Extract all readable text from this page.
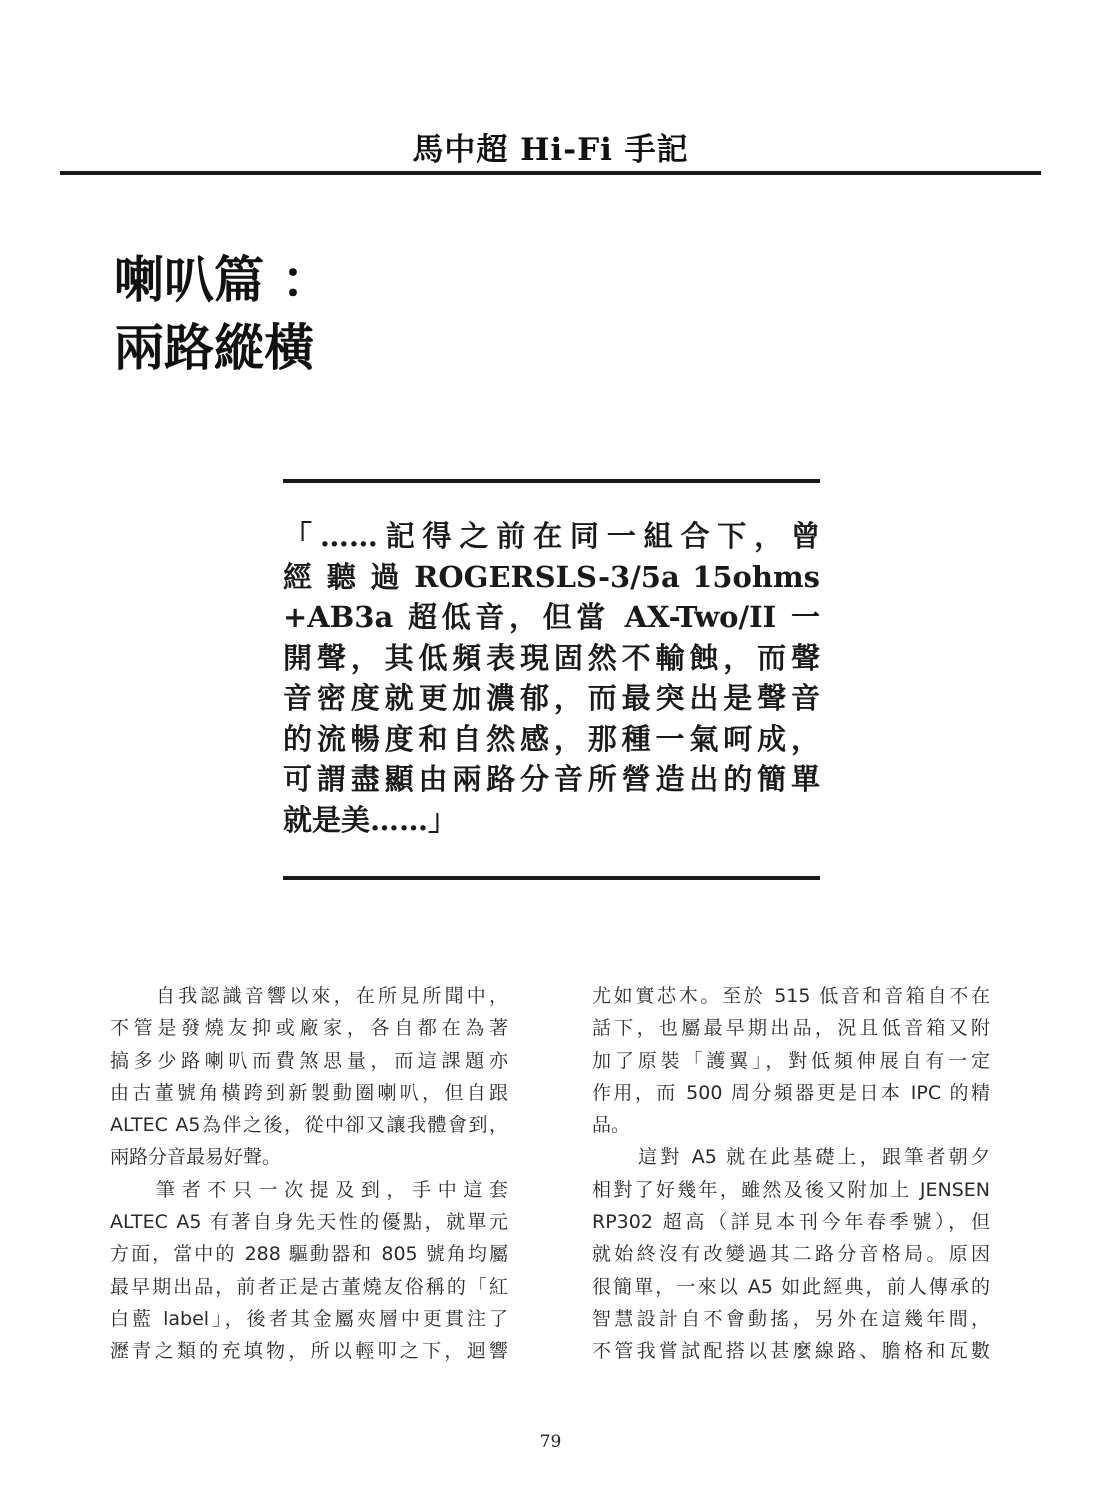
馬中超 Hi-Fi 手記
喇叭篇 ：
兩路縱橫
「……記得之前在同一組合下，曾
經 聽 過 ROGERSLS-3/5a 15ohms
+AB3a 超低音，但當 AX-Two/II 一
開聲，其低頻表現固然不輸蝕，而聲
音密度就更加濃郁，而最突出是聲音
的流暢度和自然感，那種一氣呵成，
可謂盡顯由兩路分音所營造出的簡單
就是美……」
自我認識音響以來，在所見所聞中，
不管是發燒友抑或廠家，各自都在為著
搞多少路喇叭而費煞思量，而這課題亦
由古董號角橫跨到新製動圈喇叭，但自跟
ALTEC A5為伴之後，從中卻又讓我體會到，
兩路分音最易好聲。
筆者不只一次提及到，手中這套
ALTEC A5 有著自身先天性的優點，就單元
方面，當中的 288 驅動器和 805 號角均屬
最早期出品，前者正是古董燒友俗稱的「紅
白藍 label」，後者其金屬夾層中更貫注了
瀝青之類的充填物，所以輕叩之下，迴響
尤如實芯木。至於 515 低音和音箱自不在
話下，也屬最早期出品，況且低音箱又附
加了原裝「護翼」，對低頻伸展自有一定
作用，而 500 周分頻器更是日本 IPC 的精
品。
這對 A5 就在此基礎上，跟筆者朝夕
相對了好幾年，雖然及後又附加上 JENSEN
RP302 超高（詳見本刊今年春季號），但
就始終沒有改變過其二路分音格局。原因
很簡單，一來以 A5 如此經典，前人傳承的
智慧設計自不會動搖，另外在這幾年間，
不管我嘗試配搭以甚麼線路、膽格和瓦數
79
